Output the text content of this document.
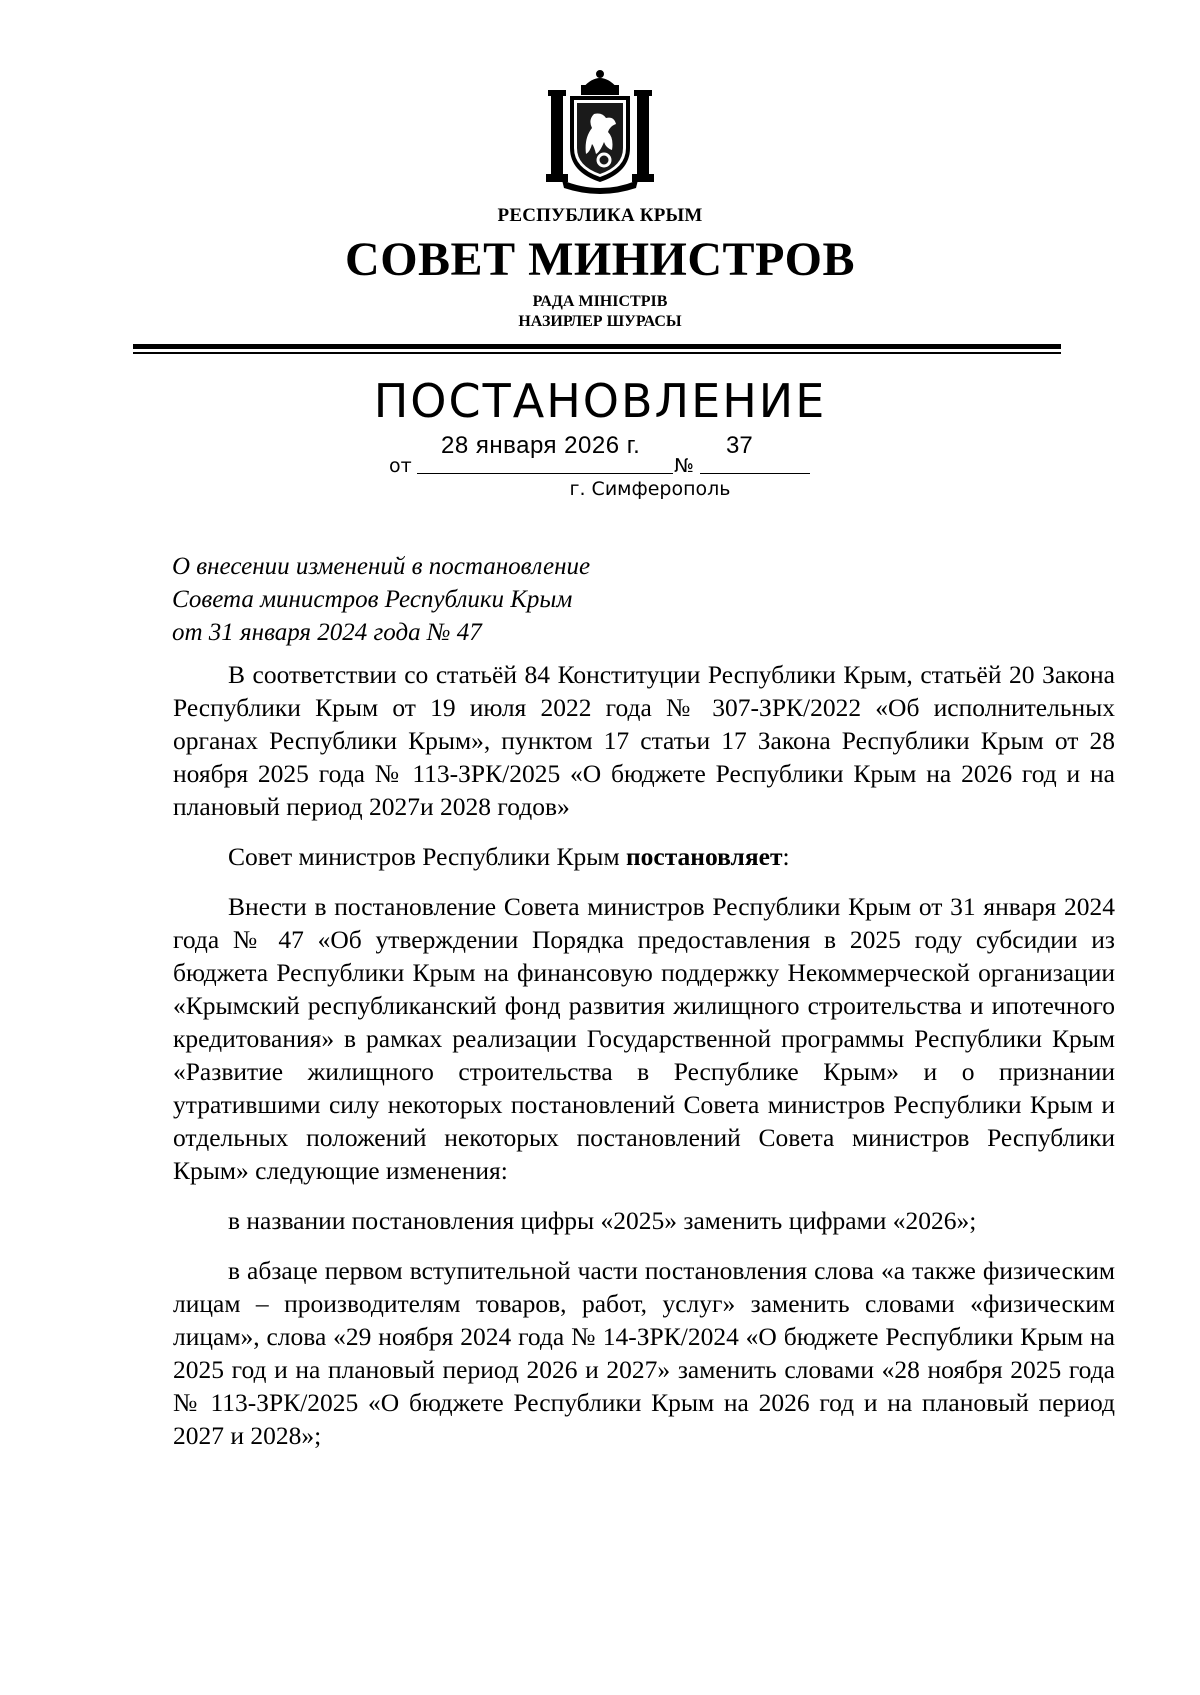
РЕСПУБЛИКА КРЫМ
СОВЕТ МИНИСТРОВ
РАДА МІНІСТРІВ
НАЗИРЛЕР ШУРАСЫ
ПОСТАНОВЛЕНИЕ
28 января 2026 г.	37
от	№
г. Симферополь
О внесении изменений в постановление
Совета министров Республики Крым
от 31 января 2024 года № 47

В соответствии со статьёй 84 Конституции Республики Крым, статьёй 20 Закона Республики Крым от 19 июля 2022 года № 307-ЗРК/2022 «Об исполнительных органах Республики Крым», пунктом 17 статьи 17 Закона Республики Крым от 28 ноября 2025 года № 113-ЗРК/2025 «О бюджете Республики Крым на 2026 год и на плановый период 2027и 2028 годов»

Совет министров Республики Крым постановляет:

Внести в постановление Совета министров Республики Крым от 31 января 2024 года № 47 «Об утверждении Порядка предоставления в 2025 году субсидии из бюджета Республики Крым на финансовую поддержку Некоммерческой организации «Крымский республиканский фонд развития жилищного строительства и ипотечного кредитования» в рамках реализации Государственной программы Республики Крым «Развитие жилищного строительства в Республике Крым» и о признании утратившими силу некоторых постановлений Совета министров Республики Крым и отдельных положений некоторых постановлений Совета министров Республики Крым» следующие изменения:

в названии постановления цифры «2025» заменить цифрами «2026»;

в абзаце первом вступительной части постановления слова «а также физическим лицам – производителям товаров, работ, услуг» заменить словами «физическим лицам», слова «29 ноября 2024 года № 14-ЗРК/2024 «О бюджете Республики Крым на 2025 год и на плановый период 2026 и 2027» заменить словами «28 ноября 2025 года № 113-ЗРК/2025 «О бюджете Республики Крым на 2026 год и на плановый период 2027 и 2028»;
